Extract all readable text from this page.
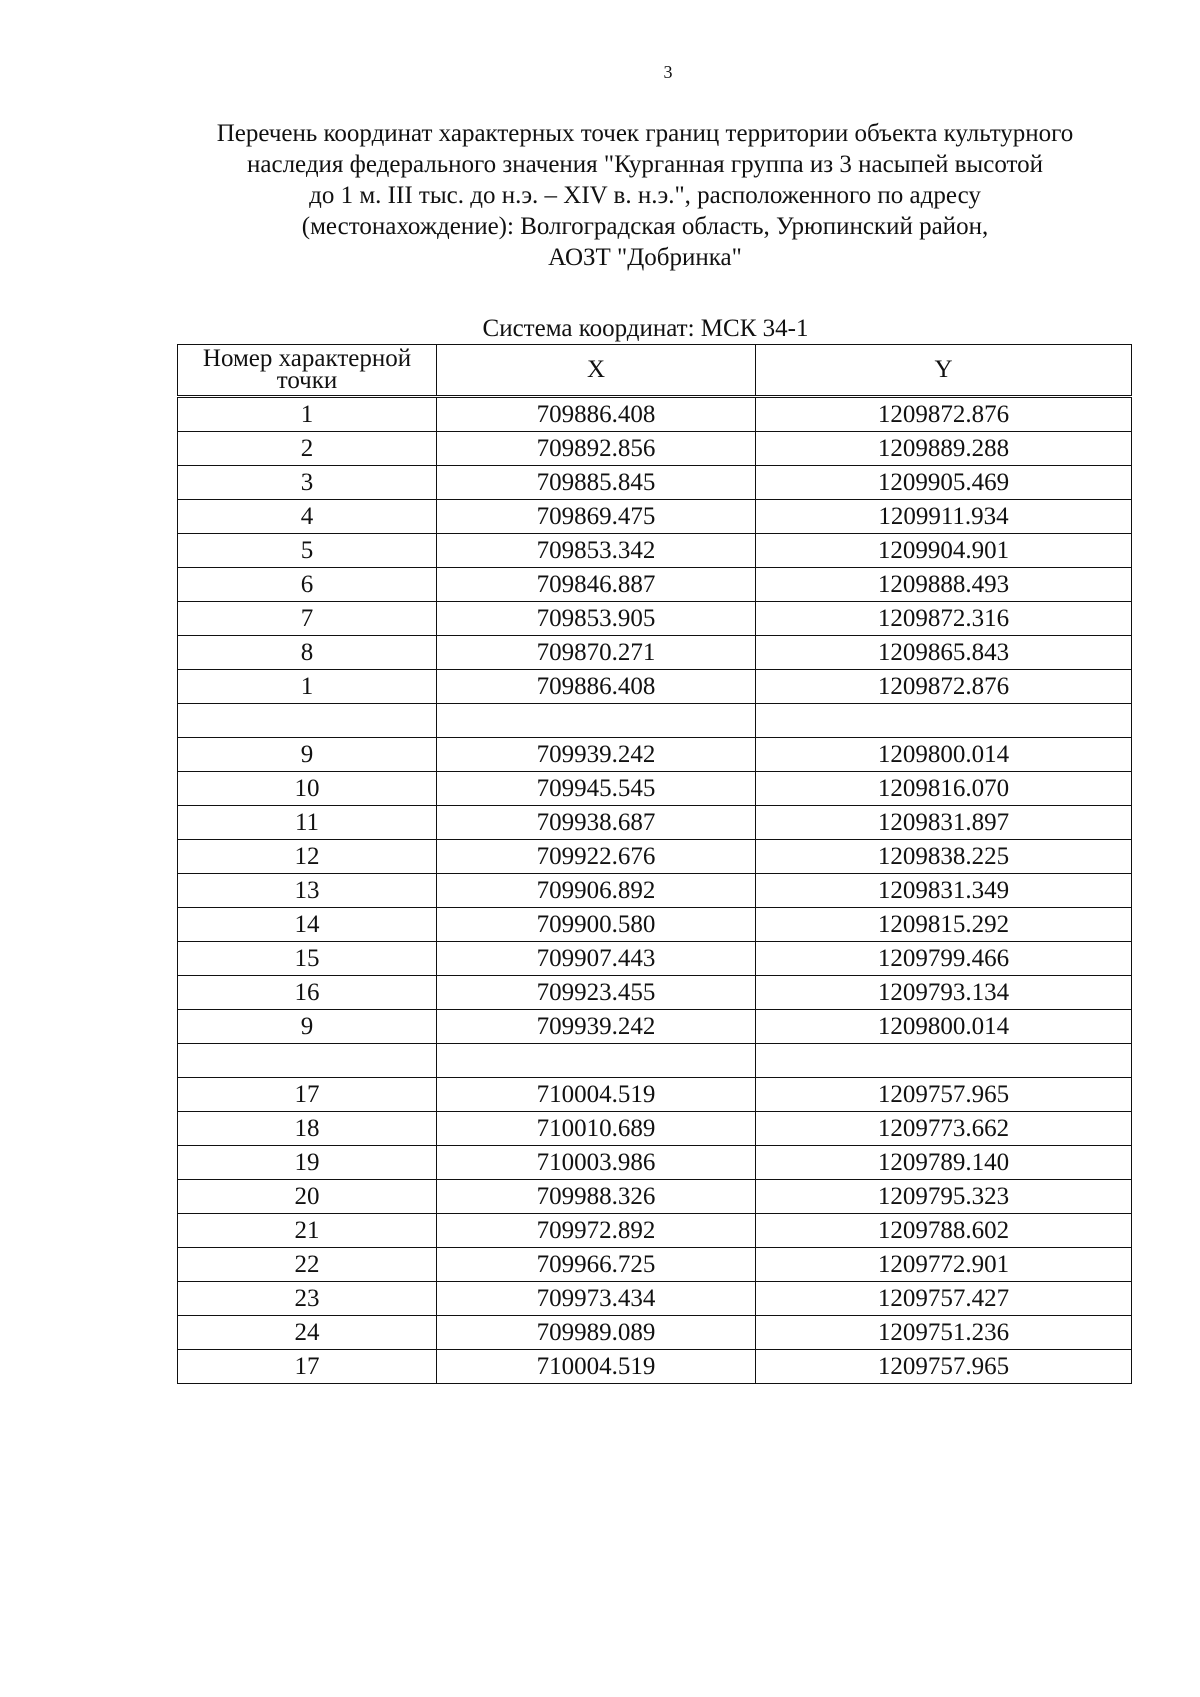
3
Перечень координат характерных точек границ территории объекта культурного
наследия федерального значения "Курганная группа из 3 насыпей высотой
до 1 м. III тыс. до н.э. – XIV в. н.э.", расположенного по адресу
(местонахождение): Волгоградская область, Урюпинский район,
АОЗТ "Добринка"
Система координат: МСК 34-1
Номер характерной точки	X	Y
1	709886.408	1209872.876
2	709892.856	1209889.288
3	709885.845	1209905.469
4	709869.475	1209911.934
5	709853.342	1209904.901
6	709846.887	1209888.493
7	709853.905	1209872.316
8	709870.271	1209865.843
1	709886.408	1209872.876

9	709939.242	1209800.014
10	709945.545	1209816.070
11	709938.687	1209831.897
12	709922.676	1209838.225
13	709906.892	1209831.349
14	709900.580	1209815.292
15	709907.443	1209799.466
16	709923.455	1209793.134
9	709939.242	1209800.014

17	710004.519	1209757.965
18	710010.689	1209773.662
19	710003.986	1209789.140
20	709988.326	1209795.323
21	709972.892	1209788.602
22	709966.725	1209772.901
23	709973.434	1209757.427
24	709989.089	1209751.236
17	710004.519	1209757.965
